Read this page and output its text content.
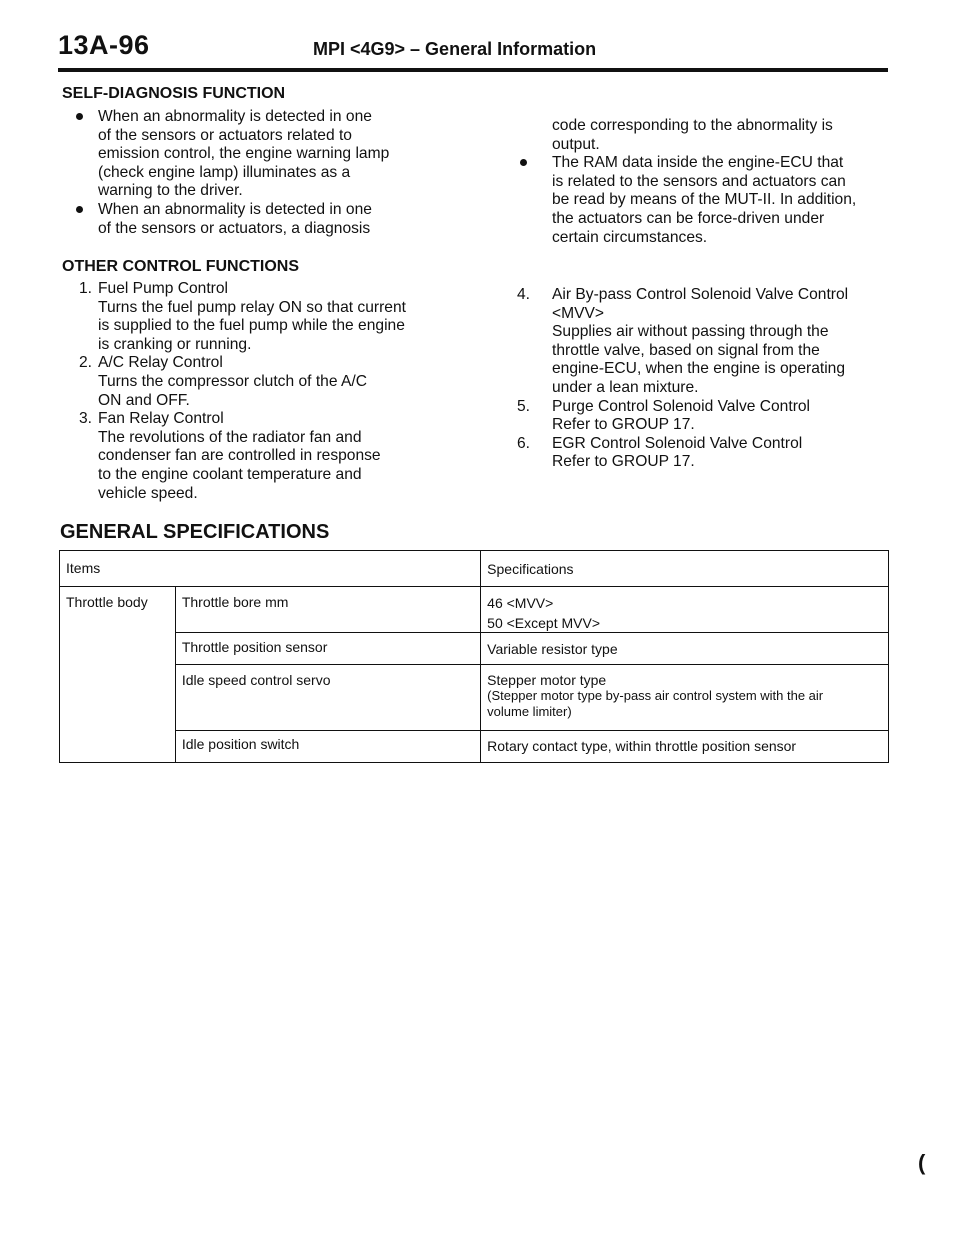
13A-96	MPI <4G9> – General Information
SELF-DIAGNOSIS FUNCTION
When an abnormality is detected in one
of the sensors or actuators related to
emission control, the engine warning lamp
(check engine lamp) illuminates as a
warning to the driver.
When an abnormality is detected in one
of the sensors or actuators, a diagnosis
code corresponding to the abnormality is
output.
The RAM data inside the engine-ECU that
is related to the sensors and actuators can
be read by means of the MUT-II. In addition,
the actuators can be force-driven under
certain circumstances.
OTHER CONTROL FUNCTIONS
1. Fuel Pump Control
Turns the fuel pump relay ON so that current
is supplied to the fuel pump while the engine
is cranking or running.
2. A/C Relay Control
Turns the compressor clutch of the A/C
ON and OFF.
3. Fan Relay Control
The revolutions of the radiator fan and
condenser fan are controlled in response
to the engine coolant temperature and
vehicle speed.
4. Air By-pass Control Solenoid Valve Control
<MVV>
Supplies air without passing through the
throttle valve, based on signal from the
engine-ECU, when the engine is operating
under a lean mixture.
5. Purge Control Solenoid Valve Control
Refer to GROUP 17.
6. EGR Control Solenoid Valve Control
Refer to GROUP 17.
GENERAL SPECIFICATIONS
Items		Specifications
Throttle body	Throttle bore mm	46 <MVV>
50 <Except MVV>

	Throttle position sensor	Variable resistor type
	Idle speed control servo	Stepper motor type
(Stepper motor type by-pass air control system with the air
volume limiter)

	Idle position switch	Rotary contact type, within throttle position sensor
(
